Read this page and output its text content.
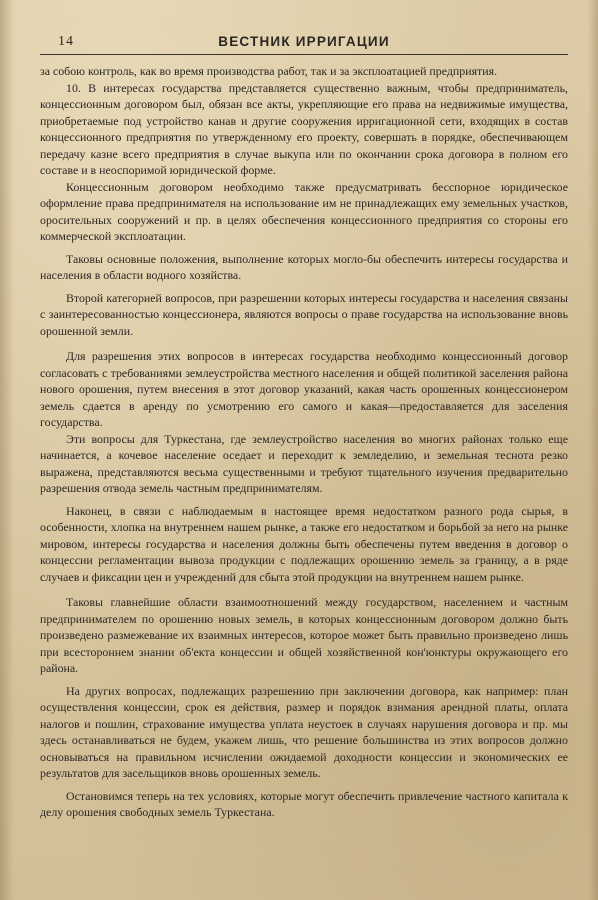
14	ВЕСТНИК ИРРИГАЦИИ

за собою контроль, как во время производства работ, так и за эксплоатацией предприятия.

10. В интересах государства представляется существенно важным, чтобы предприниматель, концессионным договором был, обязан все акты, укрепляющие его права на недвижимые имущества, приобретаемые под устройство канав и другие сооружения ирригационной сети, входящих в состав концессионного предприятия по утвержденному его проекту, совершать в порядке, обеспечивающем передачу казне всего предприятия в случае выкупа или по окончании срока договора в полном его составе и в неоспоримой юридической форме.

Концессионным договором необходимо также предусматривать бесспорное юридическое оформление права предпринимателя на использование им не принадлежащих ему земельных участков, оросительных сооружений и пр. в целях обеспечения концессионного предприятия со стороны его коммерческой эксплоатации.

Таковы основные положения, выполнение которых могло-бы обеспечить интересы государства и населения в области водного хозяйства.

Второй категорией вопросов, при разрешении которых интересы государства и населения связаны с заинтересованностью концессионера, являются вопросы о праве государства на использование вновь орошенной земли.

Для разрешения этих вопросов в интересах государства необходимо концессионный договор согласовать с требованиями землеустройства местного населения и общей политикой заселения района нового орошения, путем внесения в этот договор указаний, какая часть орошенных концессионером земель сдается в аренду по усмотрению его самого и какая—предоставляется для заселения государства.

Эти вопросы для Туркестана, где землеустройство населения во многих районах только еще начинается, а кочевое население оседает и переходит к земледелию, и земельная теснота резко выражена, представляются весьма существенными и требуют тщательного изучения предварительно разрешения отвода земель частным предпринимателям.

Наконец, в связи с наблюдаемым в настоящее время недостатком разного рода сырья, в особенности, хлопка на внутреннем нашем рынке, а также его недостатком и борьбой за него на рынке мировом, интересы государства и населения должны быть обеспечены путем введения в договор о концессии регламентации вывоза продукции с подлежащих орошению земель за границу, а в ряде случаев и фиксации цен и учреждений для сбыта этой продукции на внутреннем нашем рынке.

Таковы главнейшие области взаимоотношений между государством, населением и частным предпринимателем по орошению новых земель, в которых концессионным договором должно быть произведено размежевание их взаимных интересов, которое может быть правильно произведено лишь при всестороннем знании об'екта концессии и общей хозяйственной кон'юнктуры окружающего его района.

На других вопросах, подлежащих разрешению при заключении договора, как например: план осуществления концессии, срок ея действия, размер и порядок взимания арендной платы, оплата налогов и пошлин, страхование имущества уплата неустоек в случаях нарушения договора и пр. мы здесь останавливаться не будем, укажем лишь, что решение большинства из этих вопросов должно основываться на правильном исчислении ожидаемой доходности концессии и экономических ее результатов для засельщиков вновь орошенных земель.

Остановимся теперь на тех условиях, которые могут обеспечить привлечение частного капитала к делу орошения свободных земель Туркестана.
